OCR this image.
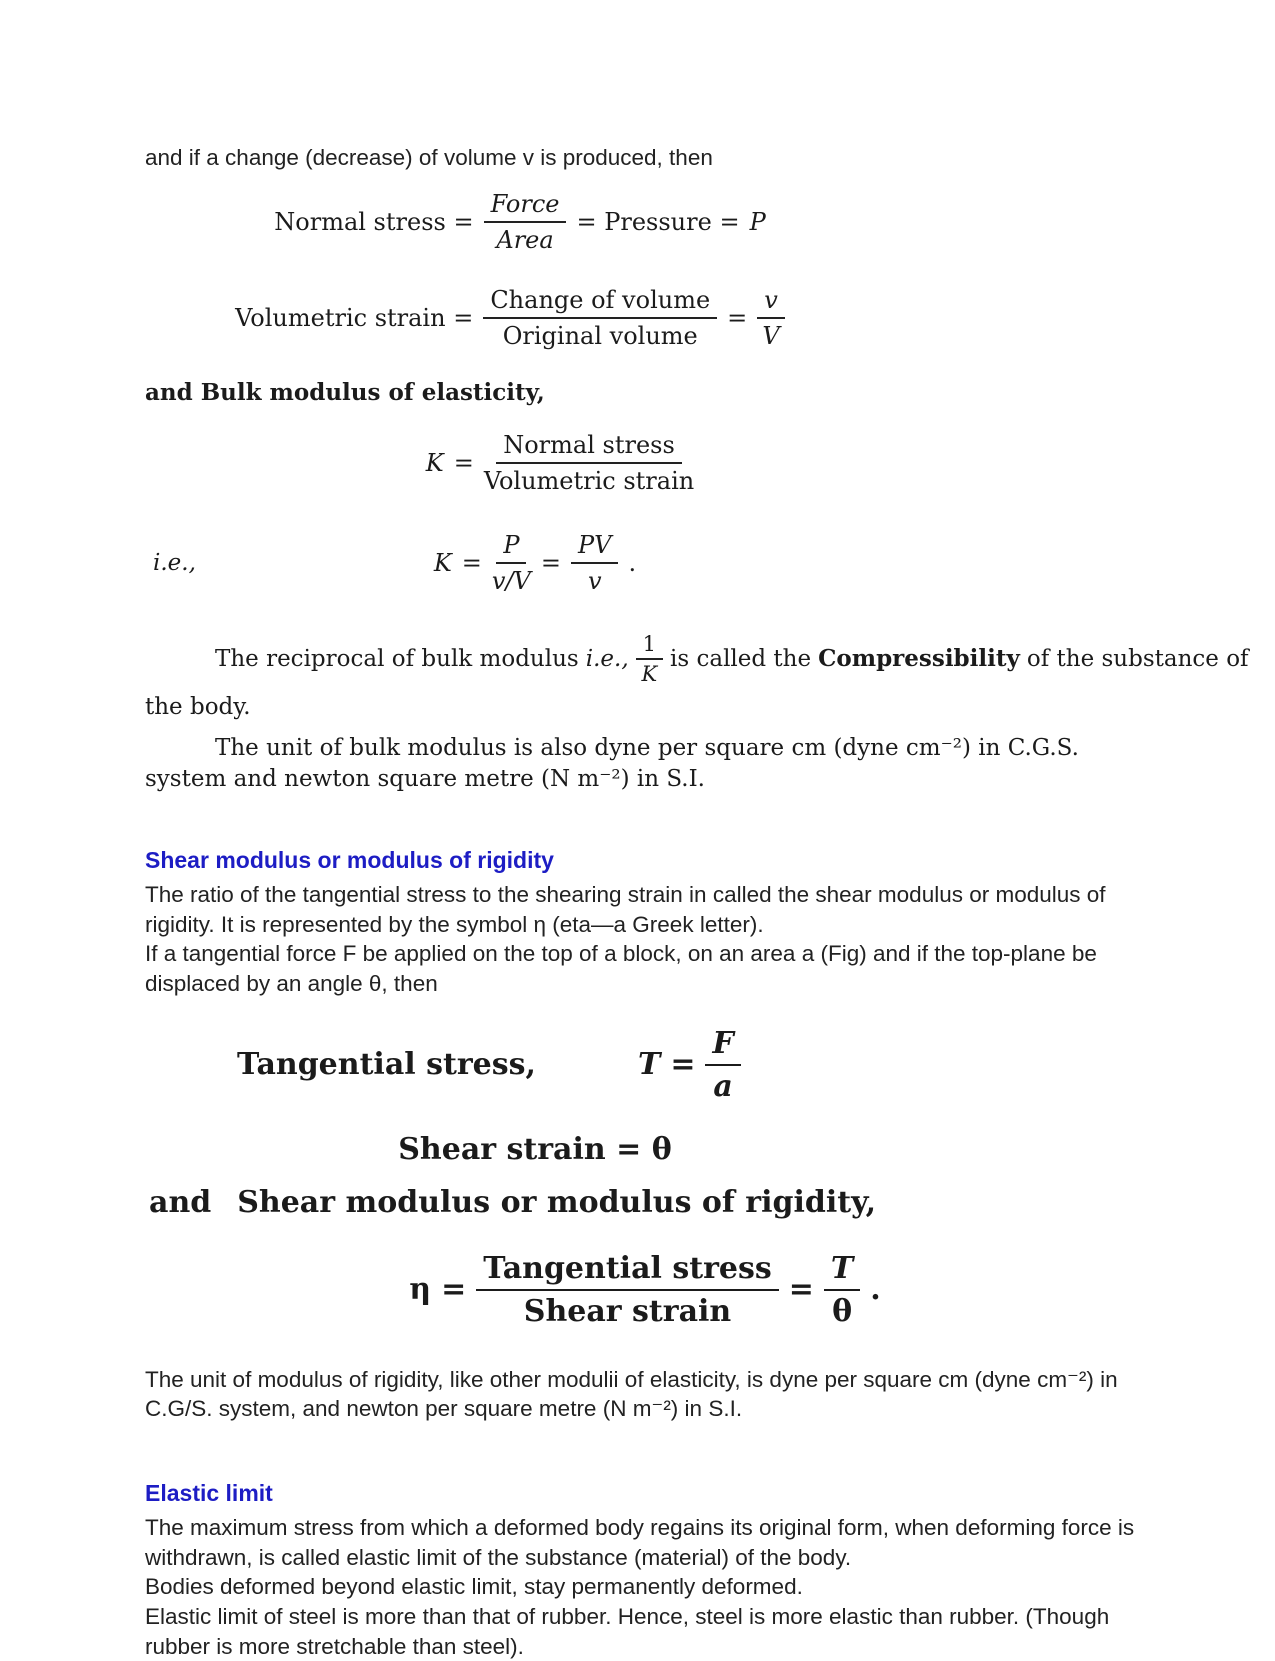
and if a change (decrease) of volume v is produced, then

Normal stress = $\frac{\text{Force}}{\text{Area}}$ = Pressure = P
Volumetric strain = $\frac{\text{Change of volume}}{\text{Original volume}} = \frac{v}{V}$

and Bulk modulus of elasticity,

$K = \frac{\text{Normal stress}}{\text{Volumetric strain}}$
i.e.,	$K = \frac{P}{v/V} = \frac{PV}{v}$ .
The reciprocal of bulk modulus i.e., $\frac{1}{K}$ is called the Compressibility of the substance of

the body.

The unit of bulk modulus is also dyne per square cm (dyne cm⁻²) in C.G.S. system and newton square metre (N m⁻²) in S.I.

Shear modulus or modulus of rigidity

The ratio of the tangential stress to the shearing strain in called the shear modulus or modulus of rigidity. It is represented by the symbol η (eta—a Greek letter).

If a tangential force F be applied on the top of a block, on an area a (Fig) and if the top-plane be displaced by an angle θ, then

Tangential stress,	$T = \frac{F}{a}$
Shear strain = θ
and Shear modulus or modulus of rigidity,
$\eta = \frac{\text{Tangential stress}}{\text{Shear strain}} = \frac{T}{\theta}$ .

The unit of modulus of rigidity, like other modulii of elasticity, is dyne per square cm (dyne cm⁻²) in C.G/S. system, and newton per square metre (N m⁻²) in S.I.

Elastic limit

The maximum stress from which a deformed body regains its original form, when deforming force is withdrawn, is called elastic limit of the substance (material) of the body.

Bodies deformed beyond elastic limit, stay permanently deformed.

Elastic limit of steel is more than that of rubber. Hence, steel is more elastic than rubber. (Though rubber is more stretchable than steel).
